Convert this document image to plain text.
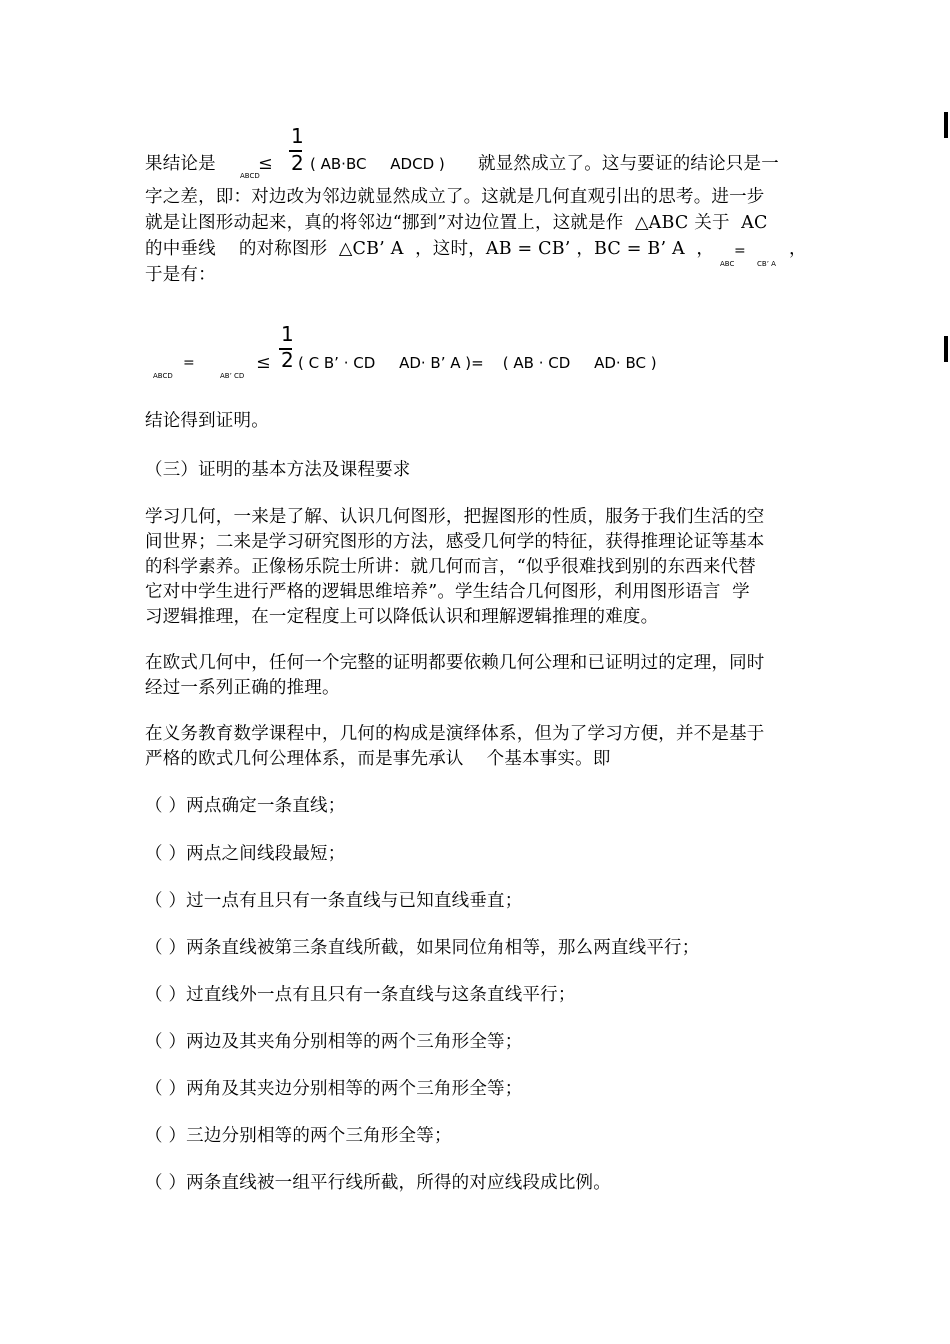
果结论是
ABCD
≤
1
2 ( AB·BC     ADCD ) 就显然成立了。这与要证的结论只是一
字之差，即：对边改为邻边就显然成立了。这就是几何直观引出的思考。进一步
就是让图形动起来，真的将邻边“挪到”对边位置上，这就是作  △ABC 关于  AC
的中垂线    的对称图形  △CB’ A  ，这时，AB = CB’ ，BC = B’ A  ，
ABC
=
CB’ A
，
于是有：
ABCD
=
AB’ CD
≤
1
2 ( C B’ · CD     AD· B’ A )=    ( AB · CD     AD· BC )
结论得到证明。
（三）证明的基本方法及课程要求
学习几何，一来是了解、认识几何图形，把握图形的性质，服务于我们生活的空
间世界；二来是学习研究图形的方法，感受几何学的特征，获得推理论证等基本
的科学素养。正像杨乐院士所讲：就几何而言，“似乎很难找到别的东西来代替
它对中学生进行严格的逻辑思维培养”。学生结合几何图形，利用图形语言  学
习逻辑推理，在一定程度上可以降低认识和理解逻辑推理的难度。
在欧式几何中，任何一个完整的证明都要依赖几何公理和已证明过的定理，同时
经过一系列正确的推理。
在义务教育数学课程中，几何的构成是演绎体系，但为了学习方便，并不是基于
严格的欧式几何公理体系，而是事先承认    个基本事实。即
（ ）两点确定一条直线；
（ ）两点之间线段最短；
（ ）过一点有且只有一条直线与已知直线垂直；
（ ）两条直线被第三条直线所截，如果同位角相等，那么两直线平行；
（ ）过直线外一点有且只有一条直线与这条直线平行；
（ ）两边及其夹角分别相等的两个三角形全等；
（ ）两角及其夹边分别相等的两个三角形全等；
（ ）三边分别相等的两个三角形全等；
（ ）两条直线被一组平行线所截，所得的对应线段成比例。
